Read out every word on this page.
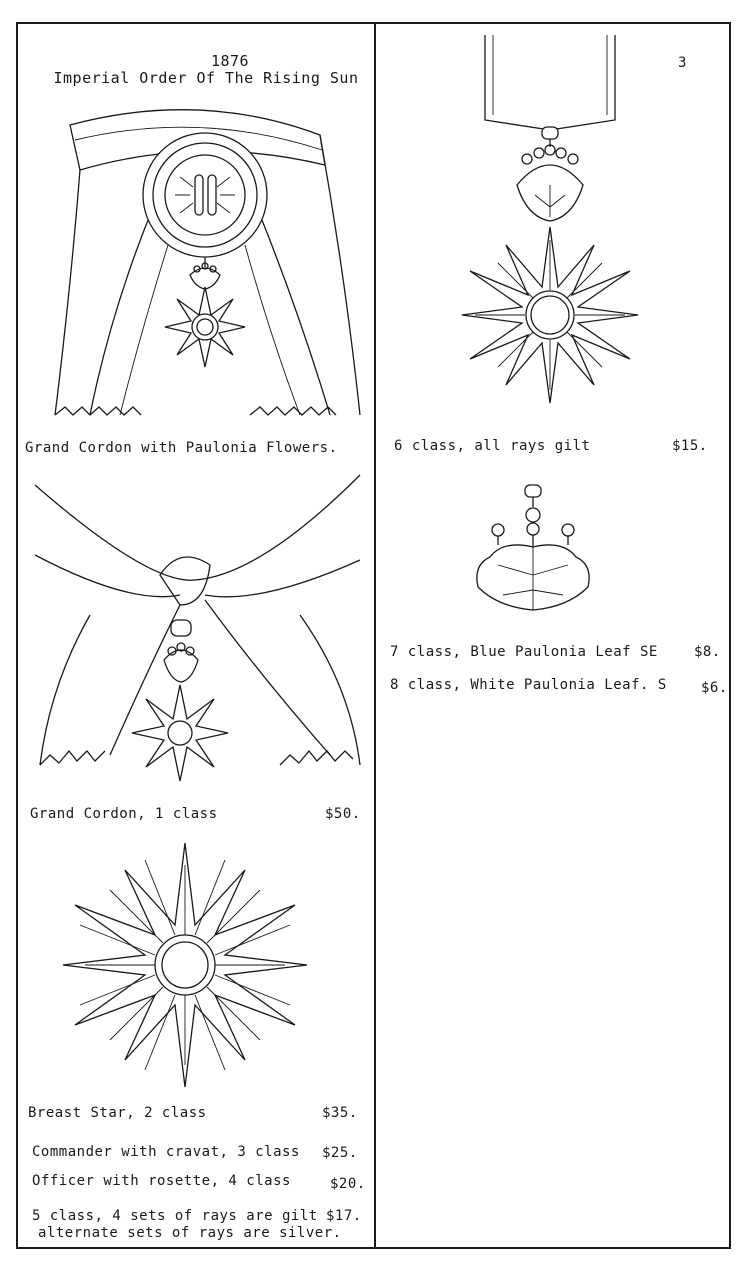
1876
Imperial Order Of The Rising Sun
3
Grand Cordon with Paulonia Flowers.
Grand Cordon, 1 class	$50.
Breast Star, 2 class	$35.
Commander with cravat, 3 class $25.
Officer with rosette, 4 class	$20.
5 class, 4 sets of rays are gilt $17.
alternate sets of rays are silver.
6 class, all rays gilt	$15.
7 class, Blue Paulonia Leaf SE	$8.
8 class, White Paulonia Leaf. S $6.
